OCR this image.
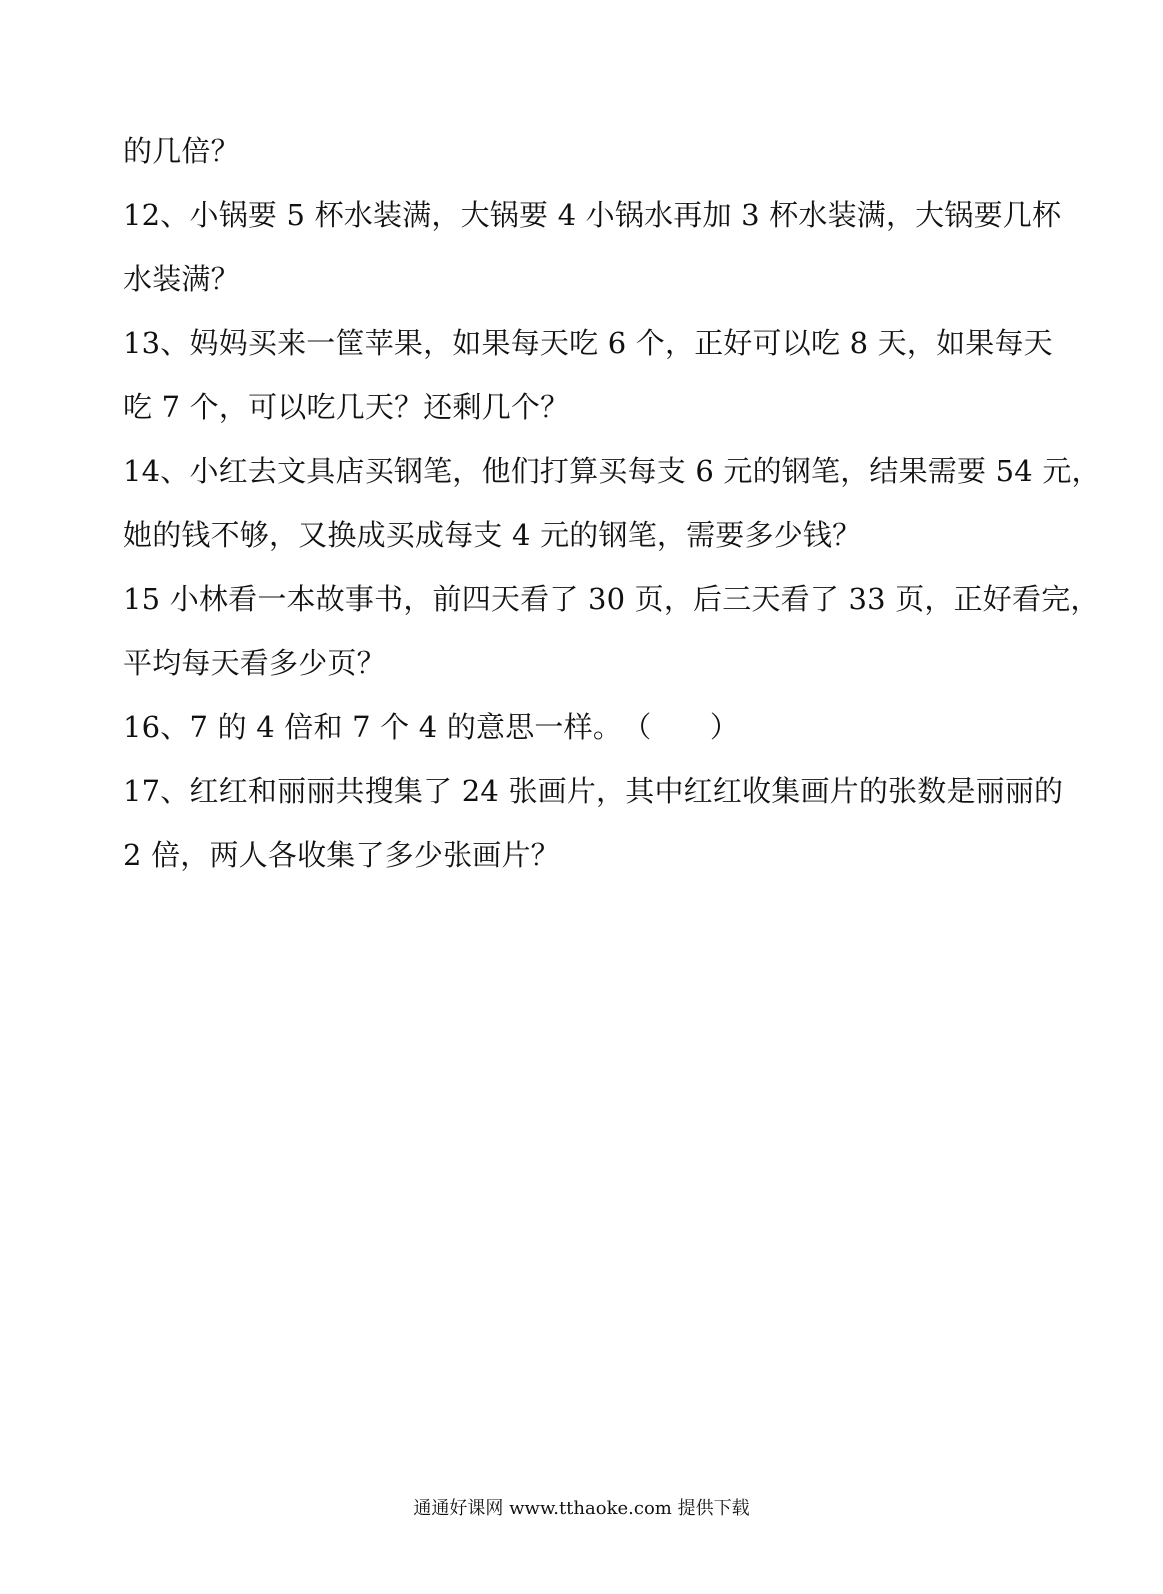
的几倍？
12、小锅要 5 杯水装满，大锅要 4 小锅水再加 3 杯水装满，大锅要几杯
水装满？
13、妈妈买来一筐苹果，如果每天吃 6 个，正好可以吃 8 天，如果每天
吃 7 个，可以吃几天？还剩几个？
14、小红去文具店买钢笔，他们打算买每支 6 元的钢笔，结果需要 54 元，
她的钱不够，又换成买成每支 4 元的钢笔，需要多少钱？
15 小林看一本故事书，前四天看了 30 页，后三天看了 33 页，正好看完，
平均每天看多少页？
16、7 的 4 倍和 7 个 4 的意思一样。　（　　）
17、红红和丽丽共搜集了 24 张画片，其中红红收集画片的张数是丽丽的
2 倍，两人各收集了多少张画片？
通通好课网 www.tthaoke.com 提供下载
